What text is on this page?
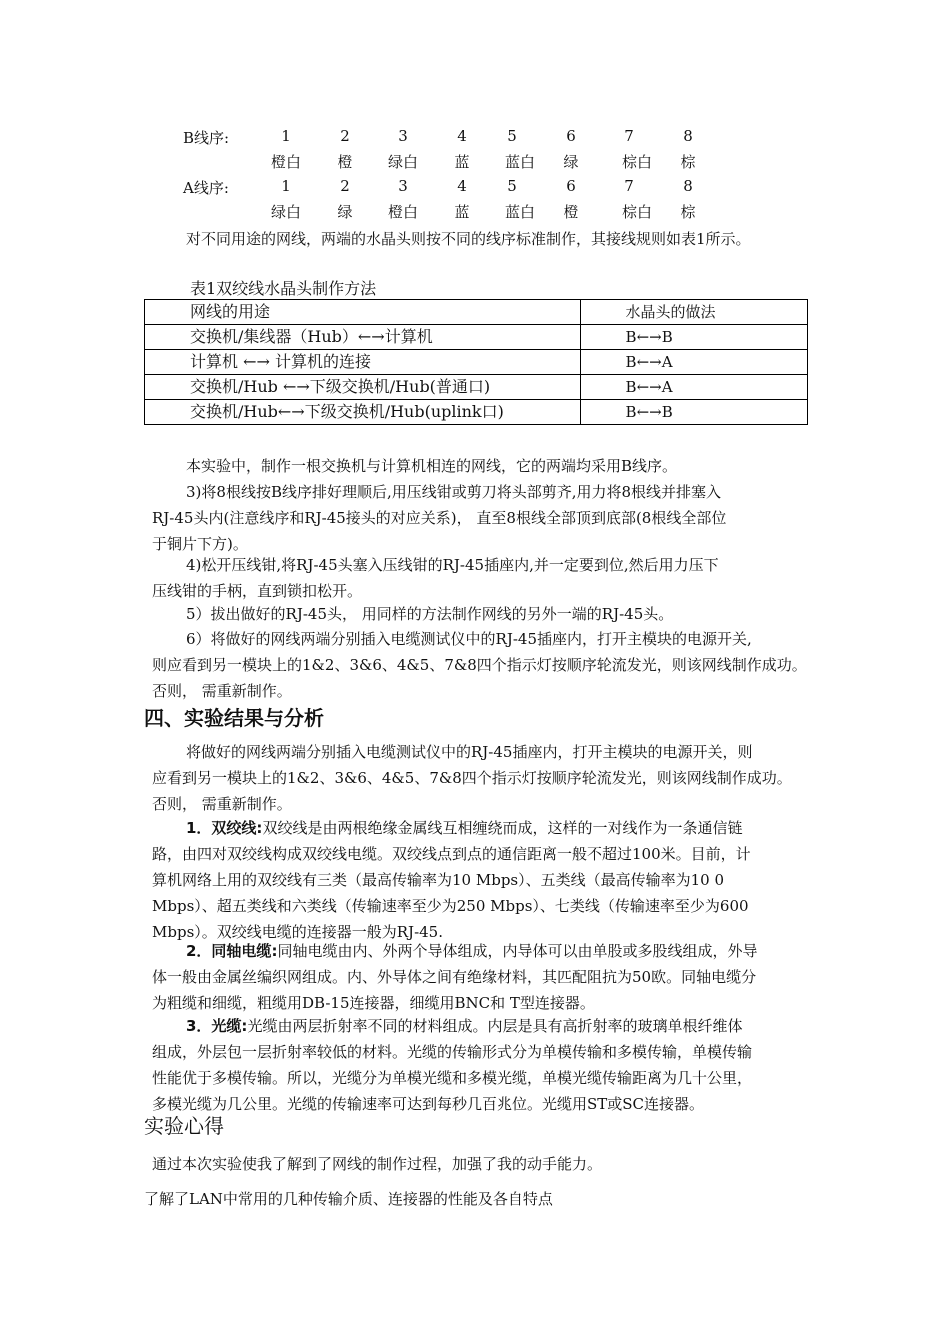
B线序:	1	2	3	4	5	6	7	8
橙白	橙	绿白	蓝	蓝白	绿	棕白	棕
A线序:	1	2	3	4	5	6	7	8
绿白	绿	橙白	蓝	蓝白	橙	棕白	棕
对不同用途的网线，两端的水晶头则按不同的线序标准制作，其接线规则如表1所示。
表1双绞线水晶头制作方法
网线的用途	水晶头的做法
交换机/集线器（Hub）←→计算机	B←→B
计算机 ←→ 计算机的连接	B←→A
交换机/Hub ←→下级交换机/Hub(普通口)	B←→A
交换机/Hub←→下级交换机/Hub(uplink口)	B←→B
本实验中，制作一根交换机与计算机相连的网线，它的两端均采用B线序。
3)将8根线按B线序排好理顺后,用压线钳或剪刀将头部剪齐,用力将8根线并排塞入
RJ-45头内(注意线序和RJ-45接头的对应关系)， 直至8根线全部顶到底部(8根线全部位
于铜片下方)。
4)松开压线钳,将RJ-45头塞入压线钳的RJ-45插座内,并一定要到位,然后用力压下
压线钳的手柄，直到锁扣松开。
5）拔出做好的RJ-45头， 用同样的方法制作网线的另外一端的RJ-45头。
6）将做好的网线两端分别插入电缆测试仪中的RJ-45插座内，打开主模块的电源开关,
则应看到另一模块上的1&2、3&6、4&5、7&8四个指示灯按顺序轮流发光，则该网线制作成功。
否则， 需重新制作。
四、实验结果与分析
将做好的网线两端分别插入电缆测试仪中的RJ-45插座内，打开主模块的电源开关，则
应看到另一模块上的1&2、3&6、4&5、7&8四个指示灯按顺序轮流发光，则该网线制作成功。
否则， 需重新制作。
1．双绞线:双绞线是由两根绝缘金属线互相缠绕而成，这样的一对线作为一条通信链
路，由四对双绞线构成双绞线电缆。双绞线点到点的通信距离一般不超过100米。目前，计
算机网络上用的双绞线有三类（最高传输率为10 Mbps）、五类线（最高传输率为10 0
Mbps）、超五类线和六类线（传输速率至少为250 Mbps）、七类线（传输速率至少为600
Mbps）。双绞线电缆的连接器一般为RJ-45.
2．同轴电缆:同轴电缆由内、外两个导体组成，内导体可以由单股或多股线组成，外导
体一般由金属丝编织网组成。内、外导体之间有绝缘材料，其匹配阻抗为50欧。同轴电缆分
为粗缆和细缆，粗缆用DB-15连接器，细缆用BNC和 T型连接器。
3．光缆:光缆由两层折射率不同的材料组成。内层是具有高折射率的玻璃单根纤维体
组成，外层包一层折射率较低的材料。光缆的传输形式分为单模传输和多模传输，单模传输
性能优于多模传输。所以，光缆分为单模光缆和多模光缆，单模光缆传输距离为几十公里，
多模光缆为几公里。光缆的传输速率可达到每秒几百兆位。光缆用ST或SC连接器。
实验心得
通过本次实验使我了解到了网线的制作过程，加强了我的动手能力。
了解了LAN中常用的几种传输介质、连接器的性能及各自特点
